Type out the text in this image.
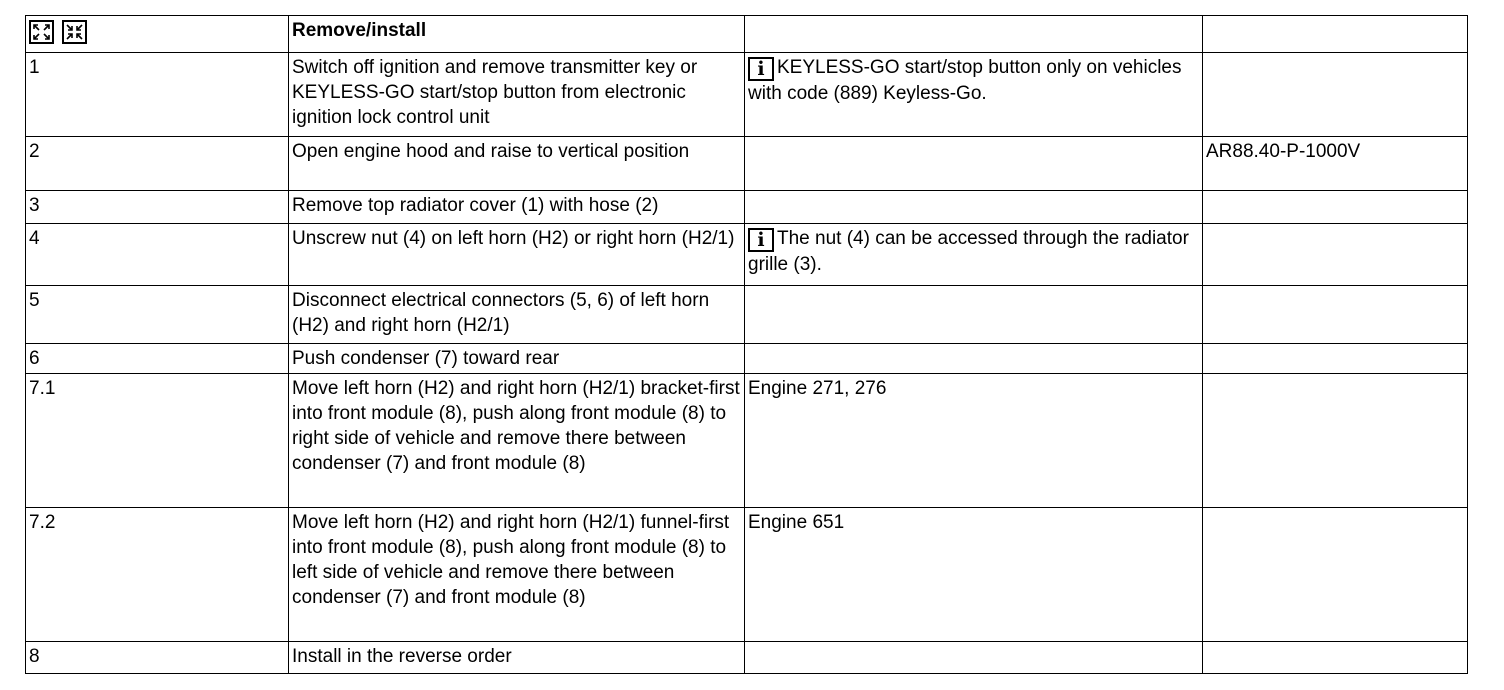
	Remove/install		
1	Switch off ignition and remove transmitter key or KEYLESS-GO start/stop button from electronic ignition lock control unit	i KEYLESS-GO start/stop button only on vehicles with code (889) Keyless-Go.	
2	Open engine hood and raise to vertical position		AR88.40-P-1000V
3	Remove top radiator cover (1) with hose (2)		
4	Unscrew nut (4) on left horn (H2) or right horn (H2/1)	i The nut (4) can be accessed through the radiator grille (3).	
5	Disconnect electrical connectors (5, 6) of left horn (H2) and right horn (H2/1)		
6	Push condenser (7) toward rear		
7.1	Move left horn (H2) and right horn (H2/1) bracket-first into front module (8), push along front module (8) to right side of vehicle and remove there between condenser (7) and front module (8)	Engine 271, 276	
7.2	Move left horn (H2) and right horn (H2/1) funnel-first into front module (8), push along front module (8) to left side of vehicle and remove there between condenser (7) and front module (8)	Engine 651	
8	Install in the reverse order		
